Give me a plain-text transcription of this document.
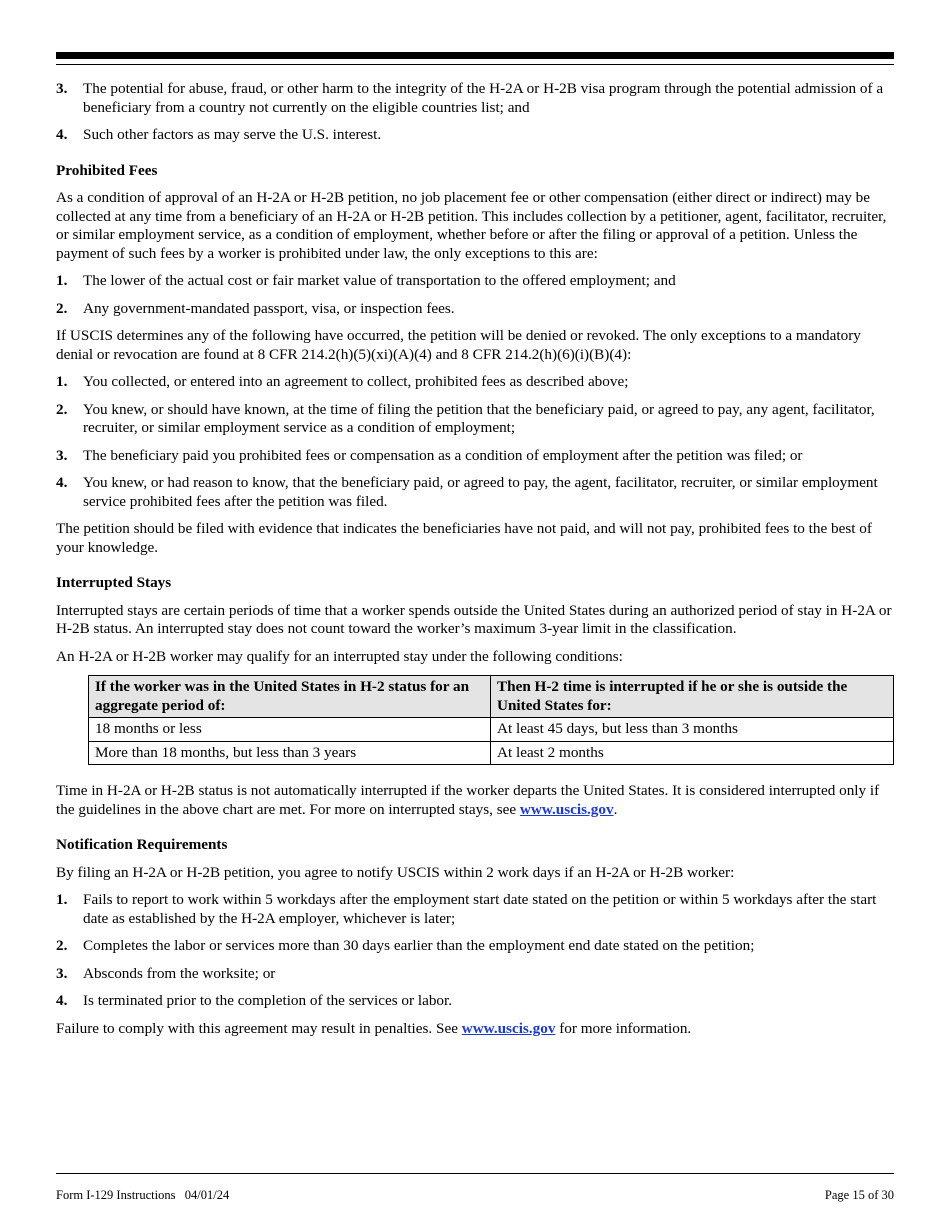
3. The potential for abuse, fraud, or other harm to the integrity of the H-2A or H-2B visa program through the potential admission of a beneficiary from a country not currently on the eligible countries list; and
4. Such other factors as may serve the U.S. interest.
Prohibited Fees

As a condition of approval of an H-2A or H-2B petition, no job placement fee or other compensation (either direct or indirect) may be collected at any time from a beneficiary of an H-2A or H-2B petition. This includes collection by a petitioner, agent, facilitator, recruiter, or similar employment service, as a condition of employment, whether before or after the filing or approval of a petition. Unless the payment of such fees by a worker is prohibited under law, the only exceptions to this are:

1. The lower of the actual cost or fair market value of transportation to the offered employment; and
2. Any government-mandated passport, visa, or inspection fees.

If USCIS determines any of the following have occurred, the petition will be denied or revoked. The only exceptions to a mandatory denial or revocation are found at 8 CFR 214.2(h)(5)(xi)(A)(4) and 8 CFR 214.2(h)(6)(i)(B)(4):

1. You collected, or entered into an agreement to collect, prohibited fees as described above;
2. You knew, or should have known, at the time of filing the petition that the beneficiary paid, or agreed to pay, any agent, facilitator, recruiter, or similar employment service as a condition of employment;
3. The beneficiary paid you prohibited fees or compensation as a condition of employment after the petition was filed; or
4. You knew, or had reason to know, that the beneficiary paid, or agreed to pay, the agent, facilitator, recruiter, or similar employment service prohibited fees after the petition was filed.

The petition should be filed with evidence that indicates the beneficiaries have not paid, and will not pay, prohibited fees to the best of your knowledge.

Interrupted Stays

Interrupted stays are certain periods of time that a worker spends outside the United States during an authorized period of stay in H-2A or H-2B status. An interrupted stay does not count toward the worker’s maximum 3-year limit in the classification.

An H-2A or H-2B worker may qualify for an interrupted stay under the following conditions:

If the worker was in the United States in H-2 status for an aggregate period of:	Then H-2 time is interrupted if he or she is outside the United States for:
18 months or less	At least 45 days, but less than 3 months
More than 18 months, but less than 3 years	At least 2 months

Time in H-2A or H-2B status is not automatically interrupted if the worker departs the United States. It is considered interrupted only if the guidelines in the above chart are met. For more on interrupted stays, see www.uscis.gov.

Notification Requirements

By filing an H-2A or H-2B petition, you agree to notify USCIS within 2 work days if an H-2A or H-2B worker:

1. Fails to report to work within 5 workdays after the employment start date stated on the petition or within 5 workdays after the start date as established by the H-2A employer, whichever is later;
2. Completes the labor or services more than 30 days earlier than the employment end date stated on the petition;
3. Absconds from the worksite; or
4. Is terminated prior to the completion of the services or labor.

Failure to comply with this agreement may result in penalties. See www.uscis.gov for more information.

Form I-129 Instructions   04/01/24	Page 15 of 30
